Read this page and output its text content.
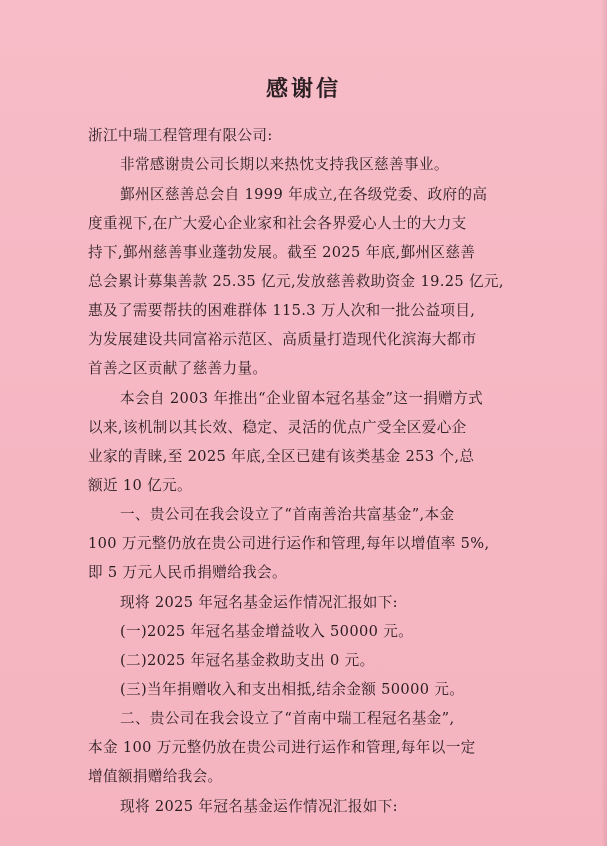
感谢信
浙江中瑞工程管理有限公司:
非常感谢贵公司长期以来热忱支持我区慈善事业。
鄞州区慈善总会自 1999 年成立,在各级党委、政府的高
度重视下,在广大爱心企业家和社会各界爱心人士的大力支
持下,鄞州慈善事业蓬勃发展。截至 2025 年底,鄞州区慈善
总会累计募集善款 25.35 亿元,发放慈善救助资金 19.25 亿元,
惠及了需要帮扶的困难群体 115.3 万人次和一批公益项目,
为发展建设共同富裕示范区、高质量打造现代化滨海大都市
首善之区贡献了慈善力量。
本会自 2003 年推出“企业留本冠名基金”这一捐赠方式
以来,该机制以其长效、稳定、灵活的优点广受全区爱心企
业家的青睐,至 2025 年底,全区已建有该类基金 253 个,总
额近 10 亿元。
一、贵公司在我会设立了“首南善治共富基金”,本金
100 万元整仍放在贵公司进行运作和管理,每年以增值率 5%,
即 5 万元人民币捐赠给我会。
现将 2025 年冠名基金运作情况汇报如下:
(一)2025 年冠名基金增益收入 50000 元。
(二)2025 年冠名基金救助支出 0 元。
(三)当年捐赠收入和支出相抵,结余金额 50000 元。
二、贵公司在我会设立了“首南中瑞工程冠名基金”,
本金 100 万元整仍放在贵公司进行运作和管理,每年以一定
增值额捐赠给我会。
现将 2025 年冠名基金运作情况汇报如下:
